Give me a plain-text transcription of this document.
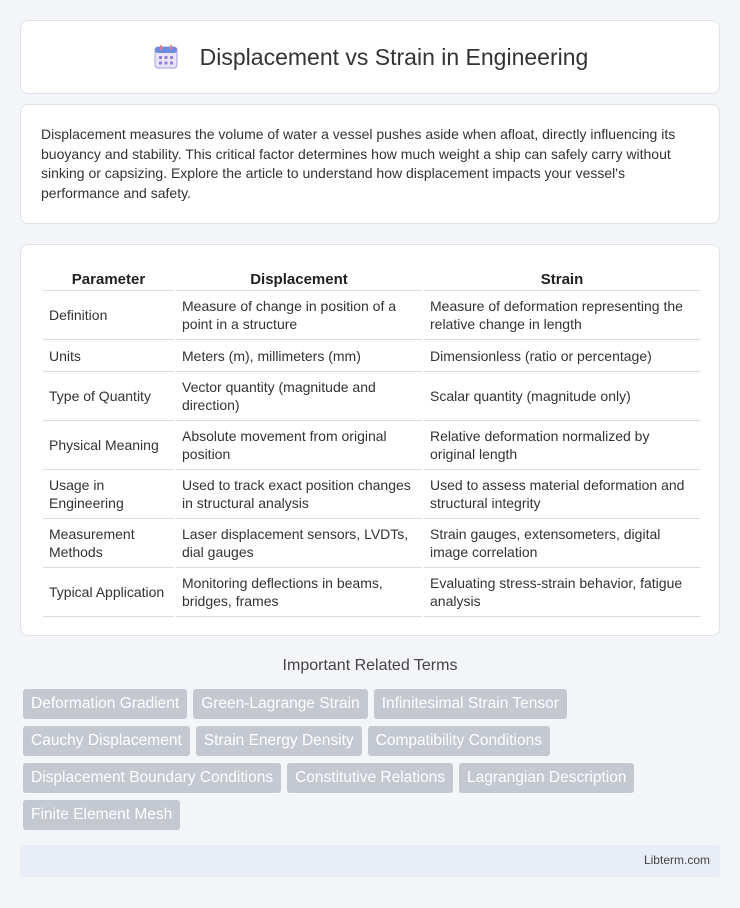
Displacement vs Strain in Engineering

Displacement measures the volume of water a vessel pushes aside when afloat, directly influencing its buoyancy and stability. This critical factor determines how much weight a ship can safely carry without sinking or capsizing. Explore the article to understand how displacement impacts your vessel's performance and safety.

Parameter	Displacement	Strain
Definition	Measure of change in position of a point in a structure	Measure of deformation representing the relative change in length
Units	Meters (m), millimeters (mm)	Dimensionless (ratio or percentage)
Type of Quantity	Vector quantity (magnitude and direction)	Scalar quantity (magnitude only)
Physical Meaning	Absolute movement from original position	Relative deformation normalized by original length
Usage in Engineering	Used to track exact position changes in structural analysis	Used to assess material deformation and structural integrity
Measurement Methods	Laser displacement sensors, LVDTs, dial gauges	Strain gauges, extensometers, digital image correlation
Typical Application	Monitoring deflections in beams, bridges, frames	Evaluating stress-strain behavior, fatigue analysis
Important Related Terms
Deformation Gradient	Green-Lagrange Strain	Infinitesimal Strain Tensor
Cauchy Displacement	Strain Energy Density	Compatibility Conditions
Displacement Boundary Conditions	Constitutive Relations	Lagrangian Description
Finite Element Mesh
Libterm.com
